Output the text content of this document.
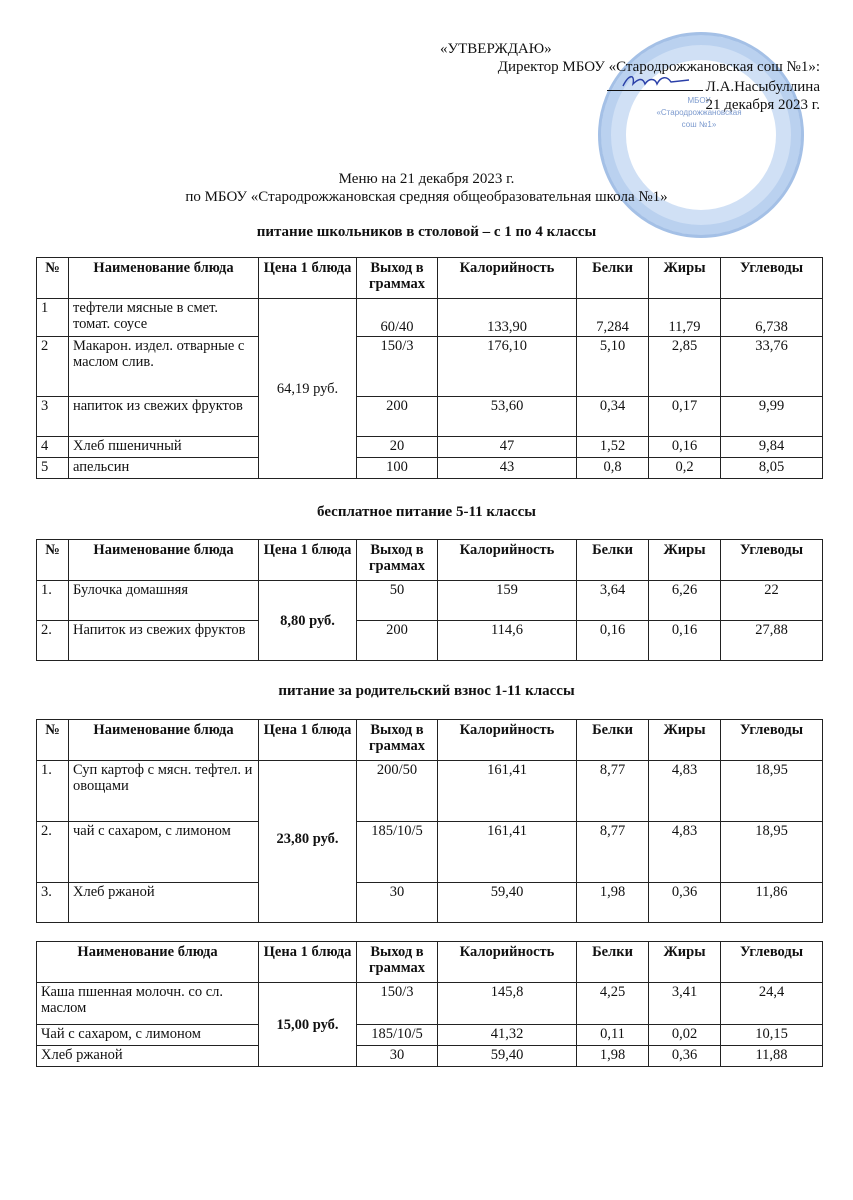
МБОУ «Стародрожжановская сош №1»
«УТВЕРЖДАЮ»
Директор МБОУ «Стародрожжановская сош №1»:
Л.А.Насыбуллина
21 декабря 2023 г.
Меню на 21 декабря 2023 г.
по МБОУ «Стародрожжановская средняя общеобразовательная школа №1»
питание школьников в столовой – с 1 по 4 классы
№	Наименование блюда	Цена 1 блюда	Выход в граммах	Калорийность	Белки	Жиры	Углеводы
1	тефтели мясные в смет. томат. соусе	64,19 руб.	60/40	133,90	7,284	11,79	6,738
2	Макарон. издел. отварные с маслом слив.		150/3	176,10	5,10	2,85	33,76
3	напиток из свежих фруктов		200	53,60	0,34	0,17	9,99
4	Хлеб пшеничный		20	47	1,52	0,16	9,84
5	апельсин		100	43	0,8	0,2	8,05
бесплатное питание 5-11 классы
№	Наименование блюда	Цена 1 блюда	Выход в граммах	Калорийность	Белки	Жиры	Углеводы
1.	Булочка домашняя	8,80 руб.	50	159	3,64	6,26	22
2.	Напиток из свежих фруктов		200	114,6	0,16	0,16	27,88
питание за родительский взнос 1-11 классы
№	Наименование блюда	Цена 1 блюда	Выход в граммах	Калорийность	Белки	Жиры	Углеводы
1.	Суп картоф с мясн. тефтел. и овощами	23,80 руб.	200/50	161,41	8,77	4,83	18,95
2.	чай с сахаром, с лимоном		185/10/5	161,41	8,77	4,83	18,95
3.	Хлеб ржаной		30	59,40	1,98	0,36	11,86
Наименование блюда	Цена 1 блюда	Выход в граммах	Калорийность	Белки	Жиры	Углеводы
Каша пшенная молочн. со сл. маслом	15,00 руб.	150/3	145,8	4,25	3,41	24,4
Чай с сахаром, с лимоном		185/10/5	41,32	0,11	0,02	10,15
Хлеб ржаной		30	59,40	1,98	0,36	11,88
